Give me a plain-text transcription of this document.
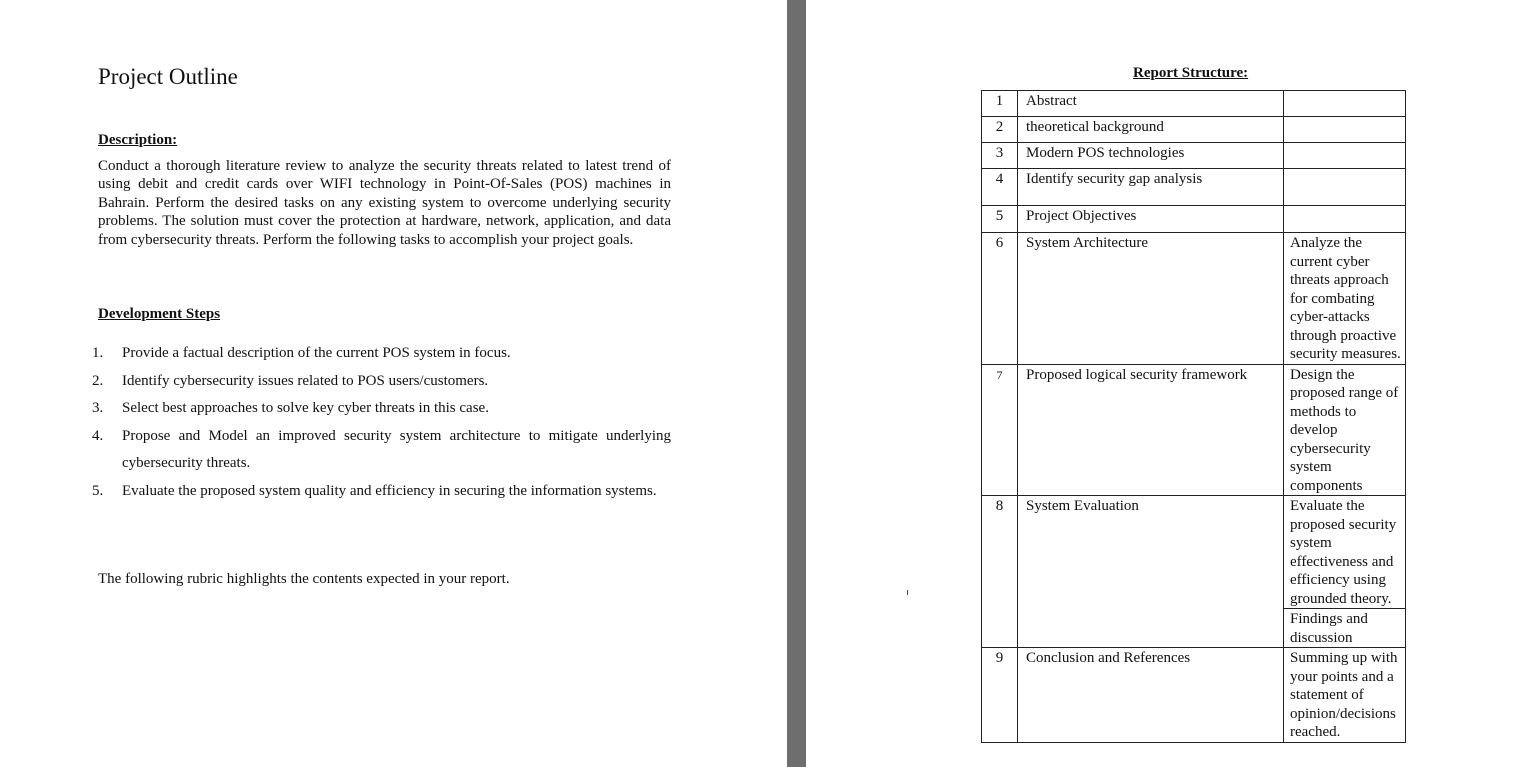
Project Outline
Description:
Conduct a thorough literature review to analyze the security threats related to latest trend of using debit and credit cards over WIFI technology in Point-Of-Sales (POS) machines in Bahrain. Perform the desired tasks on any existing system to overcome underlying security problems. The solution must cover the protection at hardware, network, application, and data from cybersecurity threats. Perform the following tasks to accomplish your project goals.
Development Steps
1.	Provide a factual description of the current POS system in focus.
2.	Identify cybersecurity issues related to POS users/customers.
3.	Select best approaches to solve key cyber threats in this case.
4.	Propose and Model an improved security system architecture to mitigate underlying cybersecurity threats.
5.	Evaluate the proposed system quality and efficiency in securing the information systems.
The following rubric highlights the contents expected in your report.
Report Structure:
1	Abstract	
2	theoretical background	
3	Modern POS technologies	
4	Identify security gap analysis	
5	Project Objectives	
6	System Architecture	Analyze the current cyber threats approach for combating cyber-attacks through proactive security measures.
7	Proposed logical security framework	Design the proposed range of methods to develop cybersecurity system components
8	System Evaluation	Evaluate the proposed security system effectiveness and efficiency using grounded theory.
		Findings and discussion
9	Conclusion and References	Summing up with your points and a statement of opinion/decisions reached.
